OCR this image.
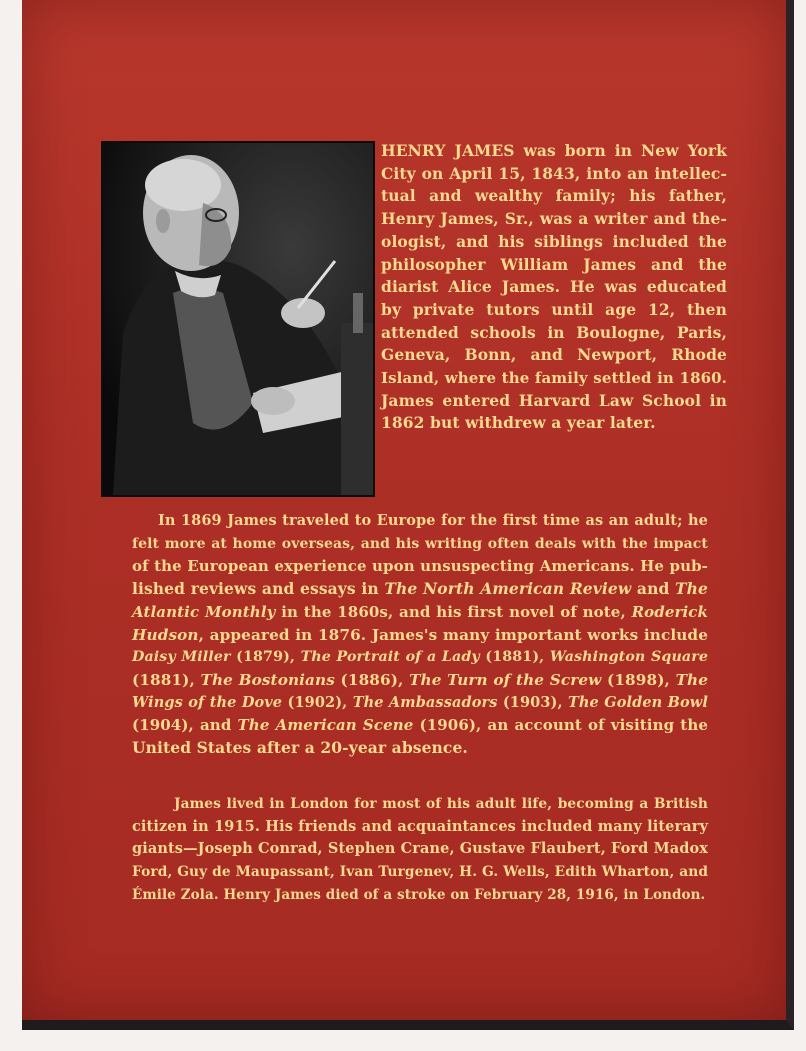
HENRY JAMES was born in New York
City on April 15, 1843, into an intellec-
tual and wealthy family; his father,
Henry James, Sr., was a writer and the-
ologist, and his siblings included the
philosopher William James and the
diarist Alice James. He was educated
by private tutors until age 12, then
attended schools in Boulogne, Paris,
Geneva, Bonn, and Newport, Rhode
Island, where the family settled in 1860.
James entered Harvard Law School in
1862 but withdrew a year later.
In 1869 James traveled to Europe for the first time as an adult; he
felt more at home overseas, and his writing often deals with the impact
of the European experience upon unsuspecting Americans. He pub-
lished reviews and essays in The North American Review and The
Atlantic Monthly in the 1860s, and his first novel of note, Roderick
Hudson, appeared in 1876. James's many important works include
Daisy Miller (1879), The Portrait of a Lady (1881), Washington Square
(1881), The Bostonians (1886), The Turn of the Screw (1898), The
Wings of the Dove (1902), The Ambassadors (1903), The Golden Bowl
(1904), and The American Scene (1906), an account of visiting the
United States after a 20-year absence.
James lived in London for most of his adult life, becoming a British
citizen in 1915. His friends and acquaintances included many literary
giants—Joseph Conrad, Stephen Crane, Gustave Flaubert, Ford Madox
Ford, Guy de Maupassant, Ivan Turgenev, H. G. Wells, Edith Wharton, and
Émile Zola. Henry James died of a stroke on February 28, 1916, in London.
